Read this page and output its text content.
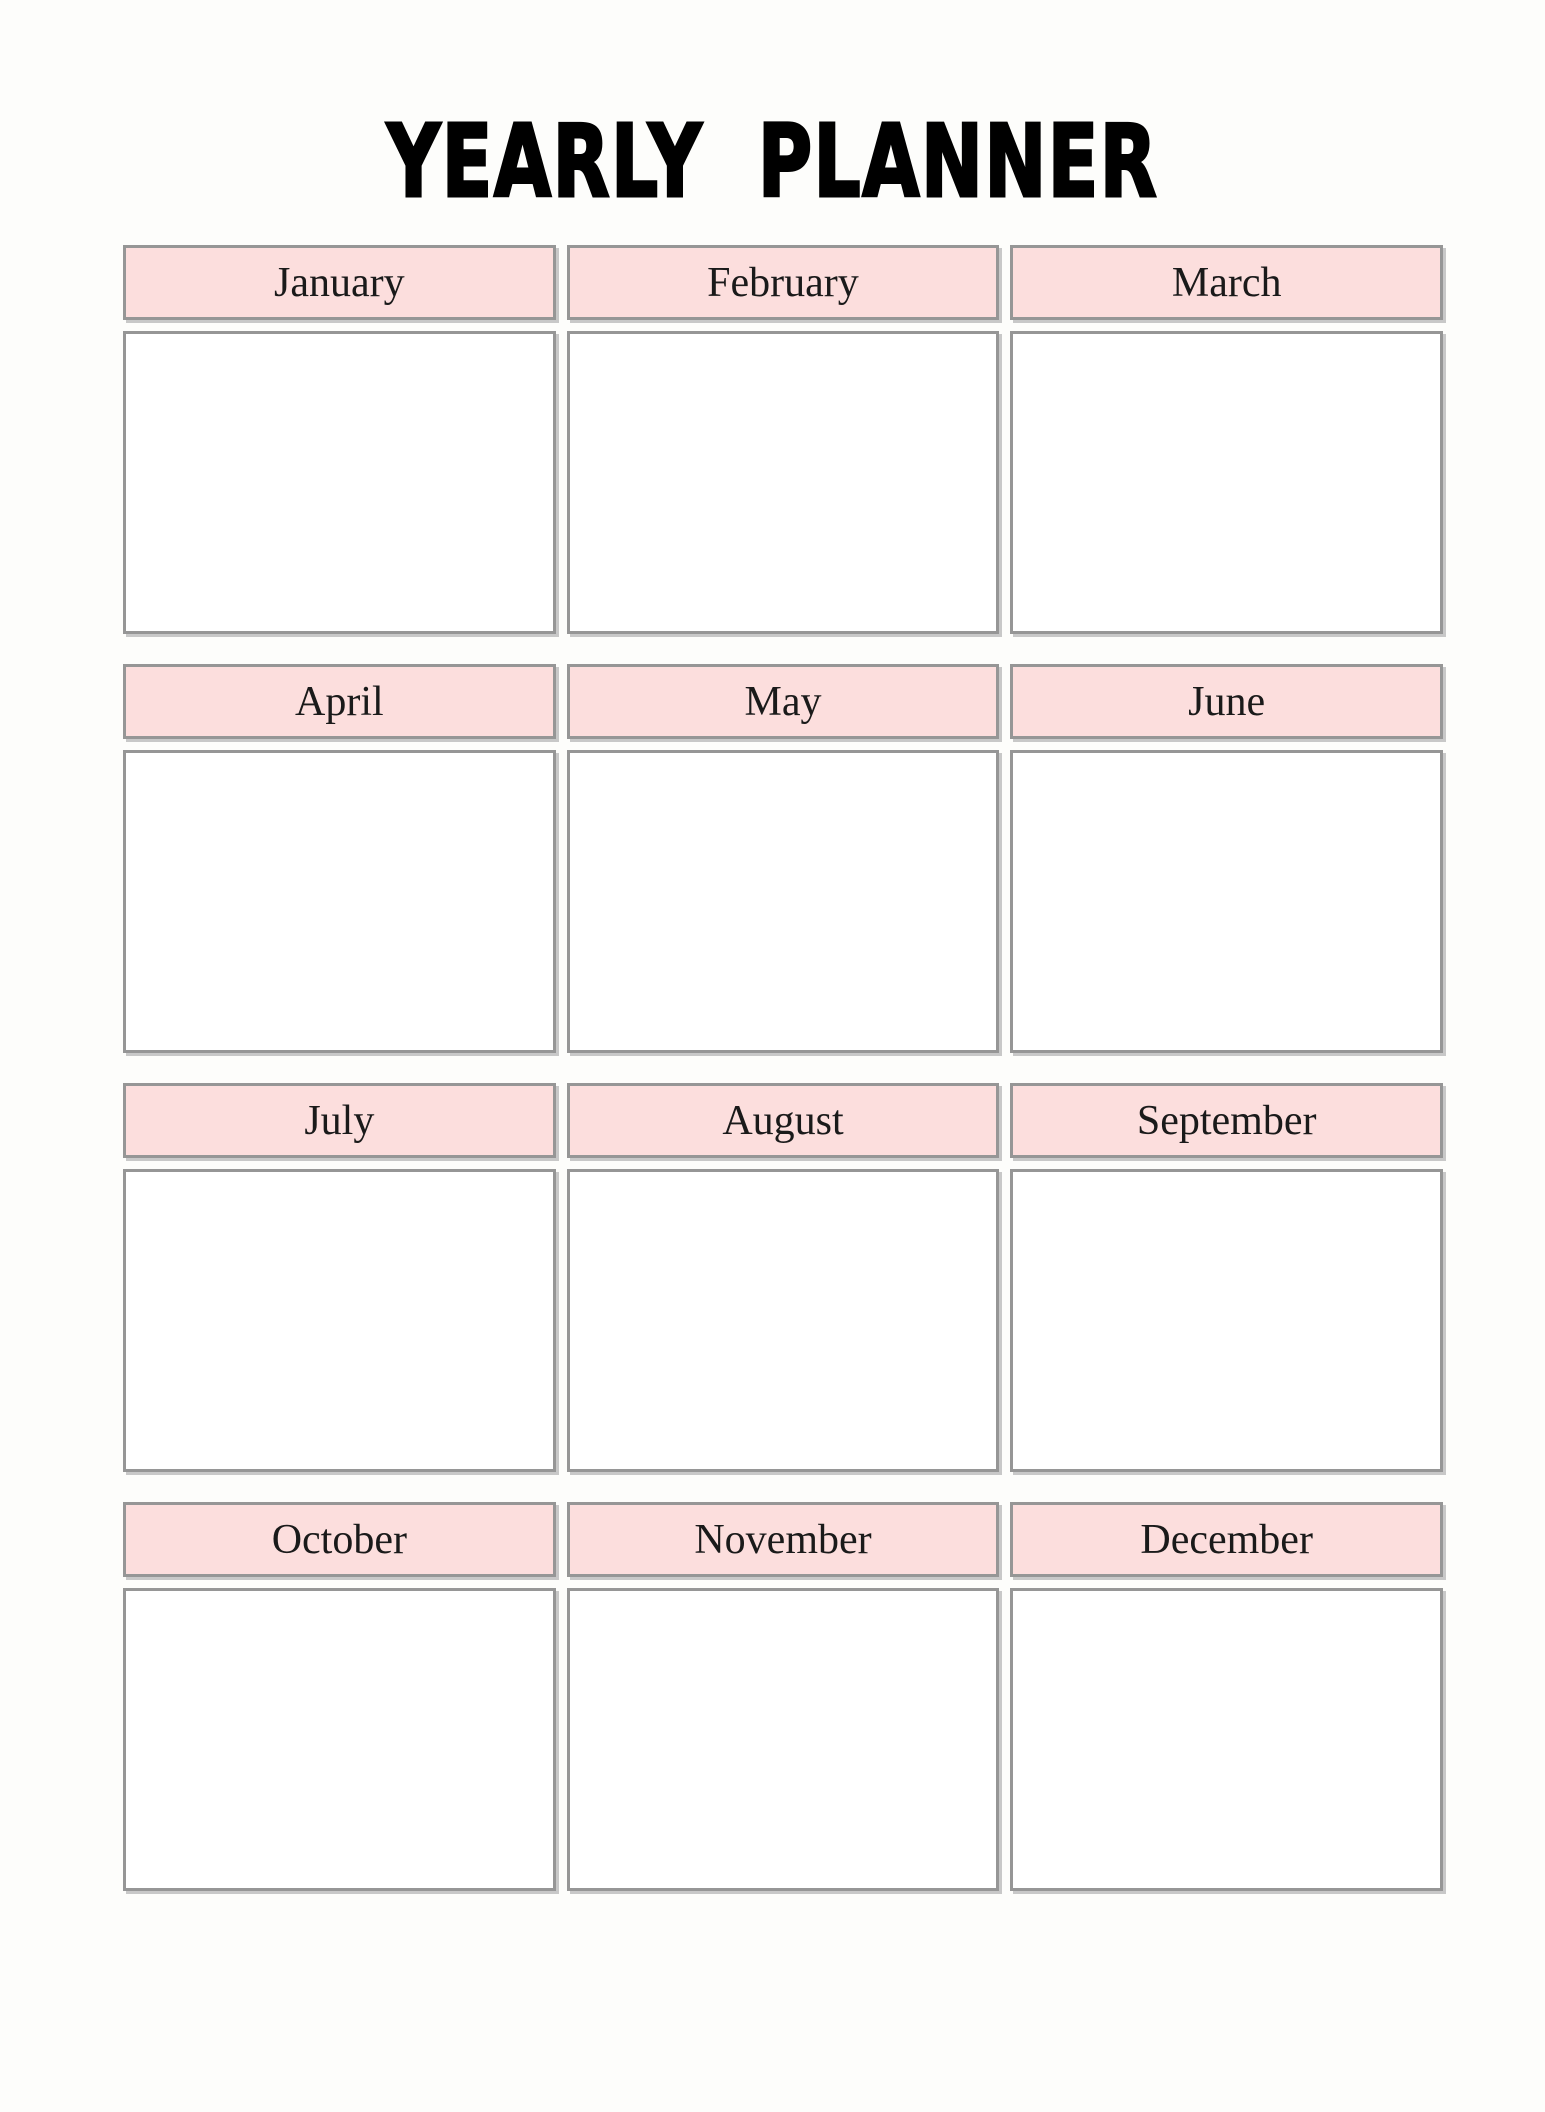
YEARLY PLANNER
January	February	March
April	May	June
July	August	September
October	November	December
